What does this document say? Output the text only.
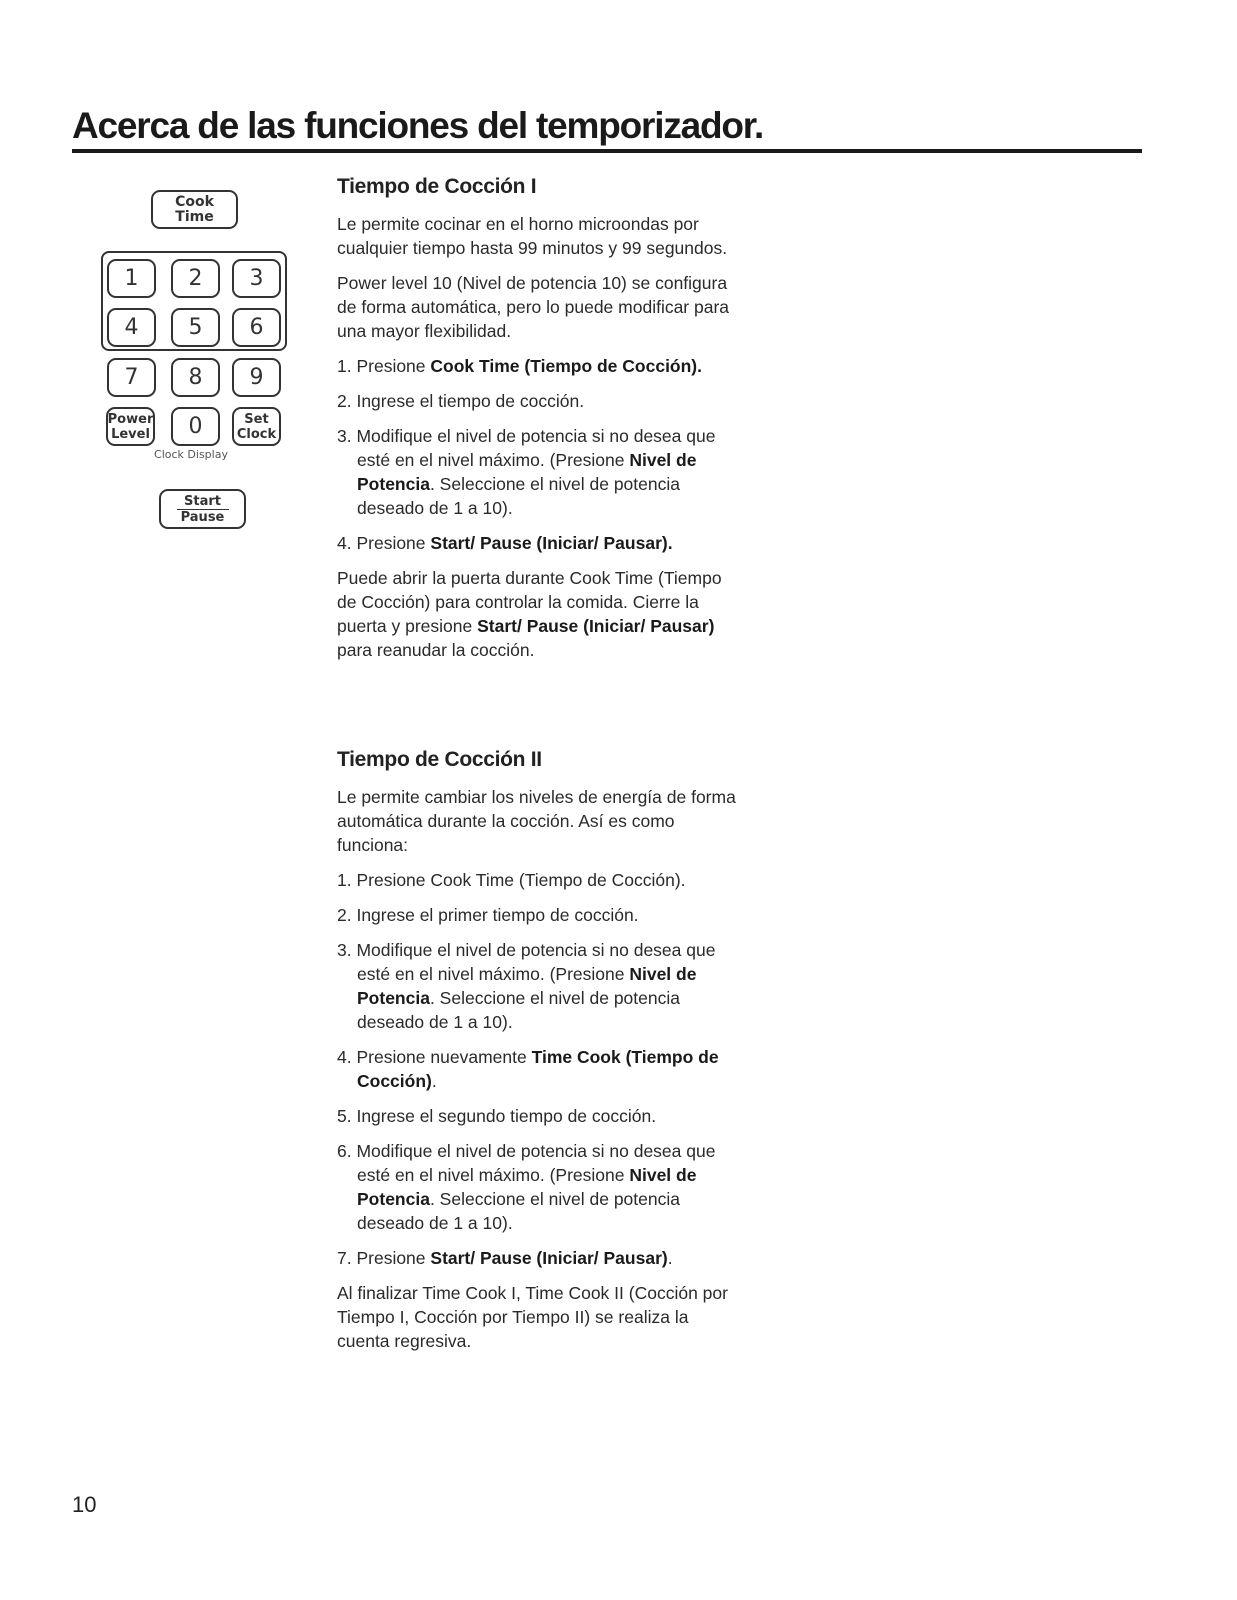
Acerca de las funciones del temporizador.
Cook
Time
1	2	3
4	5	6
7	8	9
Power
Level	0	Set
Clock
Clock Display
Start
Pause
Tiempo de Cocción I

Le permite cocinar en el horno microondas por cualquier tiempo hasta 99 minutos y 99 segundos.

Power level 10 (Nivel de potencia 10) se configura de forma automática, pero lo puede modificar para una mayor flexibilidad.

1. Presione Cook Time (Tiempo de Cocción).
2. Ingrese el tiempo de cocción.
3. Modifique el nivel de potencia si no desea que esté en el nivel máximo. (Presione Nivel de Potencia. Seleccione el nivel de potencia deseado de 1 a 10).
4. Presione Start/ Pause (Iniciar/ Pausar).

Puede abrir la puerta durante Cook Time (Tiempo de Cocción) para controlar la comida. Cierre la puerta y presione Start/ Pause (Iniciar/ Pausar) para reanudar la cocción.

Tiempo de Cocción II

Le permite cambiar los niveles de energía de forma automática durante la cocción. Así es como funciona:

1. Presione Cook Time (Tiempo de Cocción).
2. Ingrese el primer tiempo de cocción.
3. Modifique el nivel de potencia si no desea que esté en el nivel máximo. (Presione Nivel de Potencia. Seleccione el nivel de potencia deseado de 1 a 10).
4. Presione nuevamente Time Cook (Tiempo de Cocción).
5. Ingrese el segundo tiempo de cocción.
6. Modifique el nivel de potencia si no desea que esté en el nivel máximo. (Presione Nivel de Potencia. Seleccione el nivel de potencia deseado de 1 a 10).
7. Presione Start/ Pause (Iniciar/ Pausar).

Al finalizar Time Cook I, Time Cook II (Cocción por Tiempo I, Cocción por Tiempo II) se realiza la cuenta regresiva.

10
